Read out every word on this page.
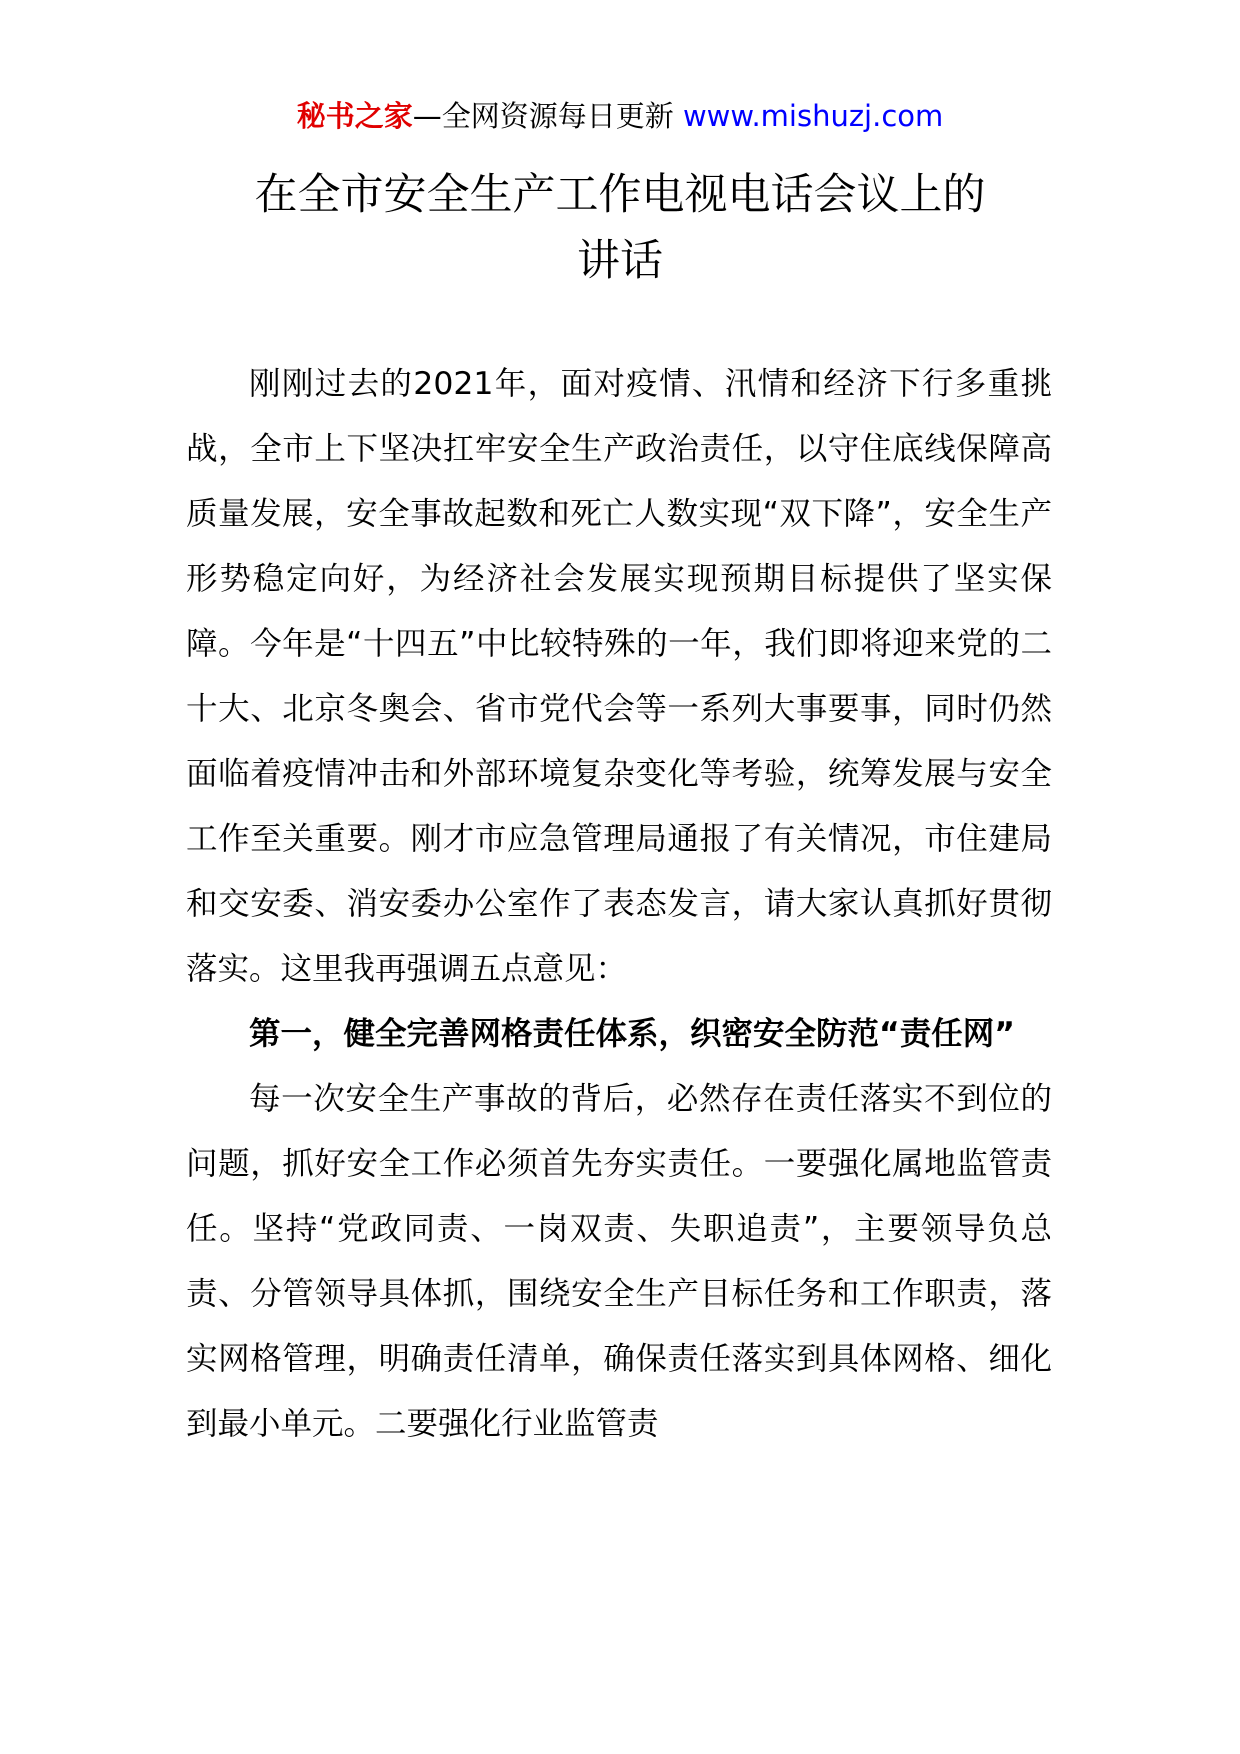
秘书之家—全网资源每日更新 www.mishuzj.com
在全市安全生产工作电视电话会议上的
讲话

刚刚过去的2021年，面对疫情、汛情和经济下行多重挑战，全市上下坚决扛牢安全生产政治责任，以守住底线保障高质量发展，安全事故起数和死亡人数实现“双下降”，安全生产形势稳定向好，为经济社会发展实现预期目标提供了坚实保障。今年是“十四五”中比较特殊的一年，我们即将迎来党的二十大、北京冬奥会、省市党代会等一系列大事要事，同时仍然面临着疫情冲击和外部环境复杂变化等考验，统筹发展与安全工作至关重要。刚才市应急管理局通报了有关情况，市住建局和交安委、消安委办公室作了表态发言，请大家认真抓好贯彻落实。这里我再强调五点意见：

第一，健全完善网格责任体系，织密安全防范“责任网”

每一次安全生产事故的背后，必然存在责任落实不到位的问题，抓好安全工作必须首先夯实责任。一要强化属地监管责任。坚持“党政同责、一岗双责、失职追责”，主要领导负总责、分管领导具体抓，围绕安全生产目标任务和工作职责，落实网格管理，明确责任清单，确保责任落实到具体网格、细化到最小单元。二要强化行业监管责
